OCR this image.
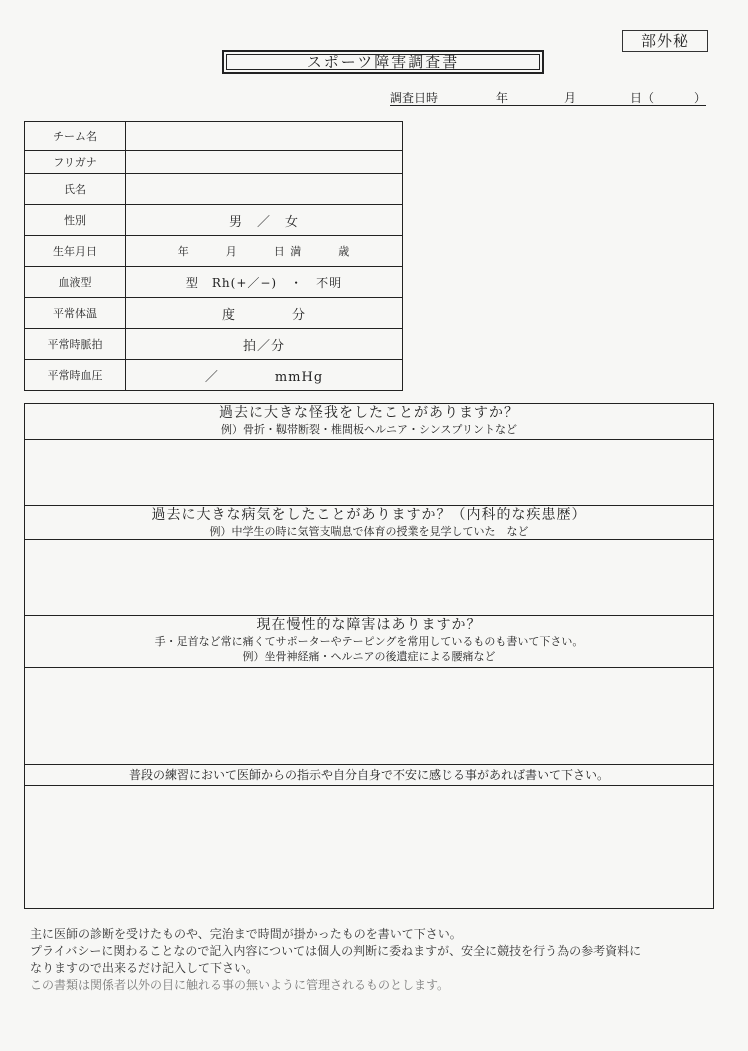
部外秘
スポーツ障害調査書
調査日時	年	月	日（	）
チーム名	
フリガナ	
氏名	
性別	男　／　女
生年月日	年　　　月　　　日 満　　　歳
血液型	型　Rh(+／−)　・　不明
平常体温	度　　　　分
平常時脈拍	拍／分
平常時血圧	／　　　　mmHg
過去に大きな怪我をしたことがありますか？
例）骨折・靱帯断裂・椎間板ヘルニア・シンスプリントなど
過去に大きな病気をしたことがありますか？（内科的な疾患歴）
例）中学生の時に気管支喘息で体育の授業を見学していた　など
現在慢性的な障害はありますか？
手・足首など常に痛くてサポーターやテーピングを常用しているものも書いて下さい。
例）坐骨神経痛・ヘルニアの後遺症による腰痛など
普段の練習において医師からの指示や自分自身で不安に感じる事があれば書いて下さい。
主に医師の診断を受けたものや、完治まで時間が掛かったものを書いて下さい。
プライバシーに関わることなので記入内容については個人の判断に委ねますが、安全に競技を行う為の参考資料に
なりますので出来るだけ記入して下さい。
この書類は関係者以外の目に触れる事の無いように管理されるものとします。
